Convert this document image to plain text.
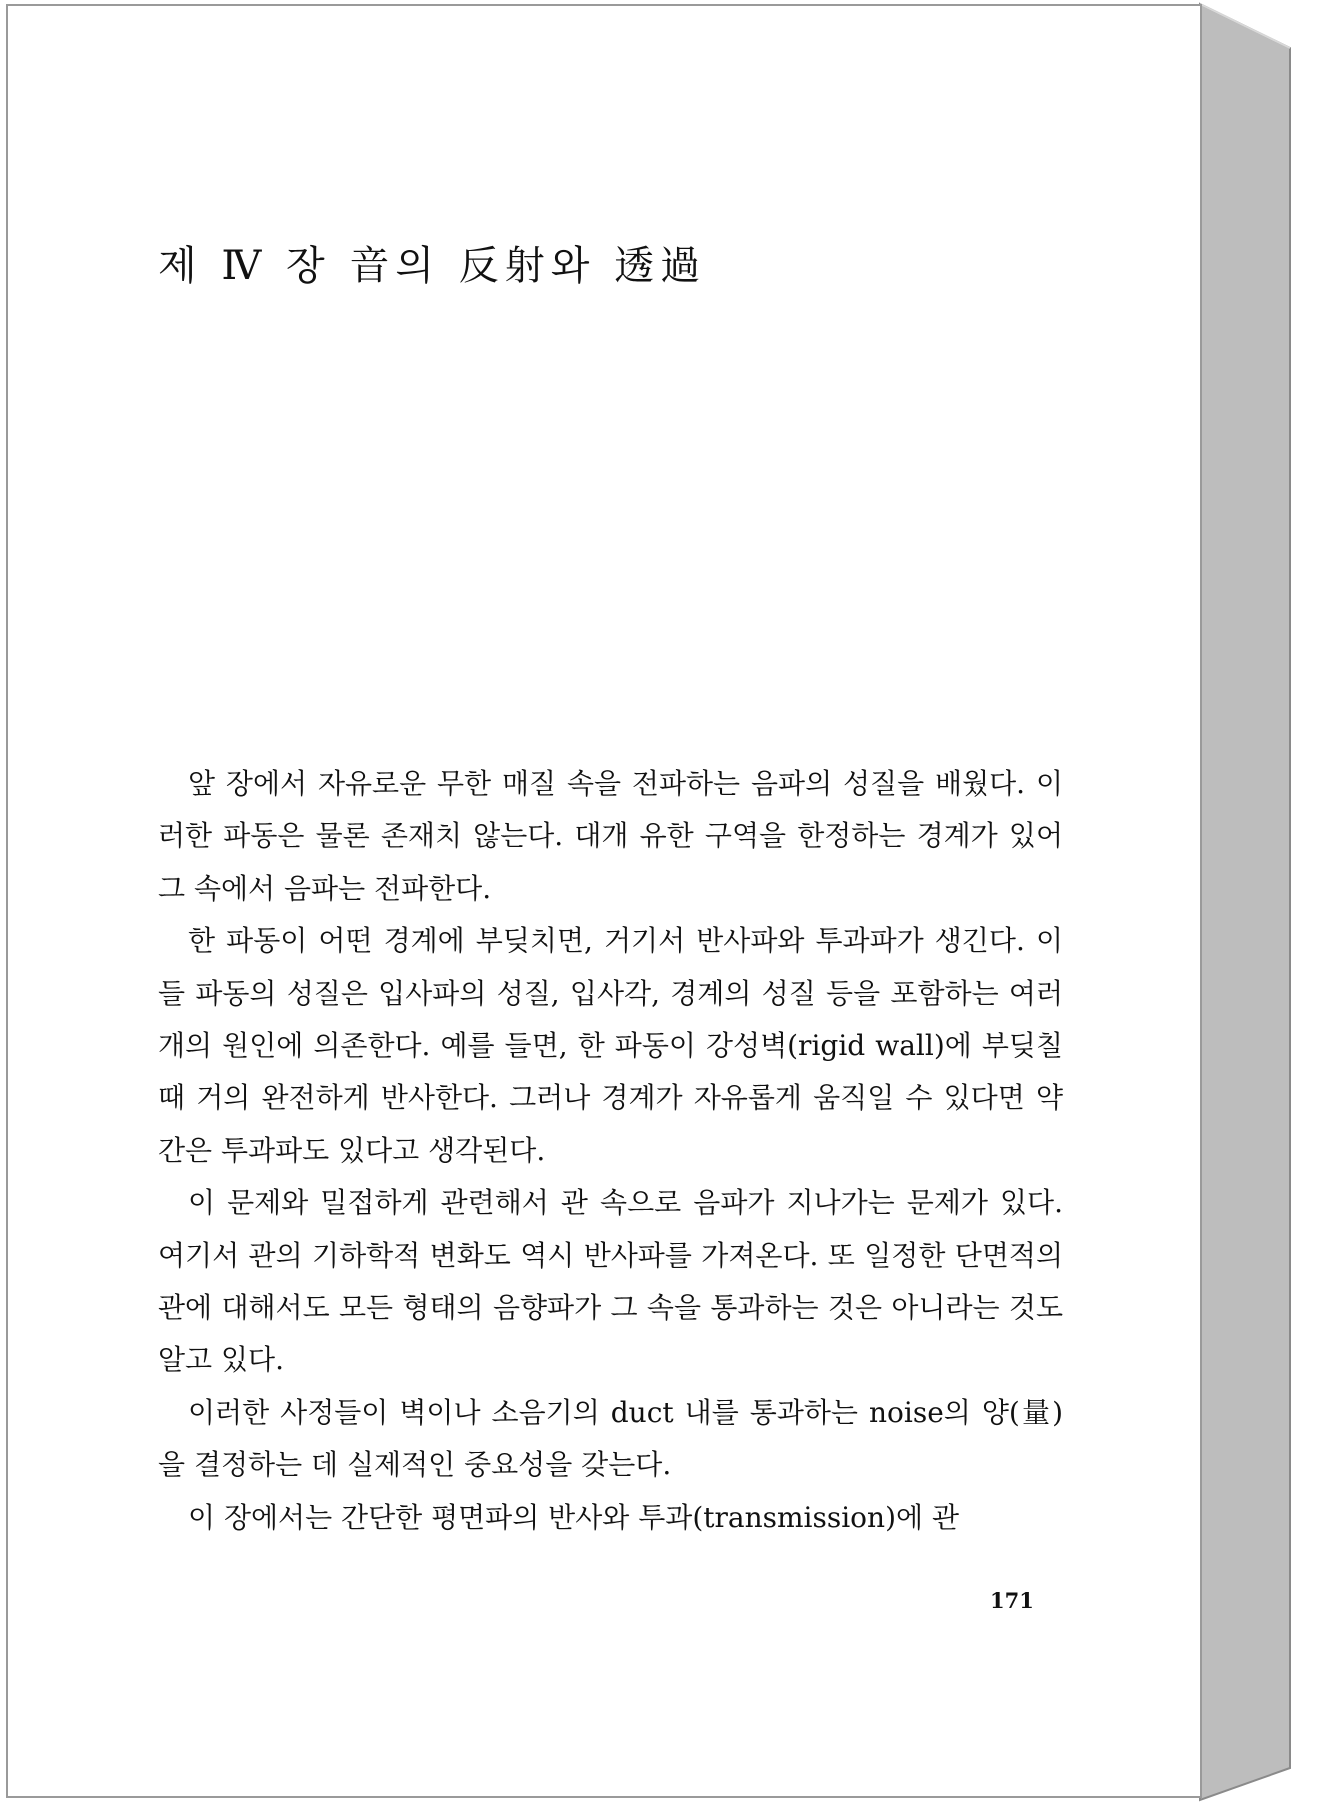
제 Ⅳ 장 音의 反射와 透過

앞 장에서 자유로운 무한 매질 속을 전파하는 음파의 성질을 배웠다. 이러한 파동은 물론 존재치 않는다. 대개 유한 구역을 한정하는 경계가 있어 그 속에서 음파는 전파한다.

한 파동이 어떤 경계에 부딪치면, 거기서 반사파와 투과파가 생긴다. 이들 파동의 성질은 입사파의 성질, 입사각, 경계의 성질 등을 포함하는 여러 개의 원인에 의존한다. 예를 들면, 한 파동이 강성벽(rigid wall)에 부딪칠 때 거의 완전하게 반사한다. 그러나 경계가 자유롭게 움직일 수 있다면 약간은 투과파도 있다고 생각된다.

이 문제와 밀접하게 관련해서 관 속으로 음파가 지나가는 문제가 있다. 여기서 관의 기하학적 변화도 역시 반사파를 가져온다. 또 일정한 단면적의 관에 대해서도 모든 형태의 음향파가 그 속을 통과하는 것은 아니라는 것도 알고 있다.

이러한 사정들이 벽이나 소음기의 duct 내를 통과하는 noise의 양(量)을 결정하는 데 실제적인 중요성을 갖는다.

이 장에서는 간단한 평면파의 반사와 투과(transmission)에 관

171
